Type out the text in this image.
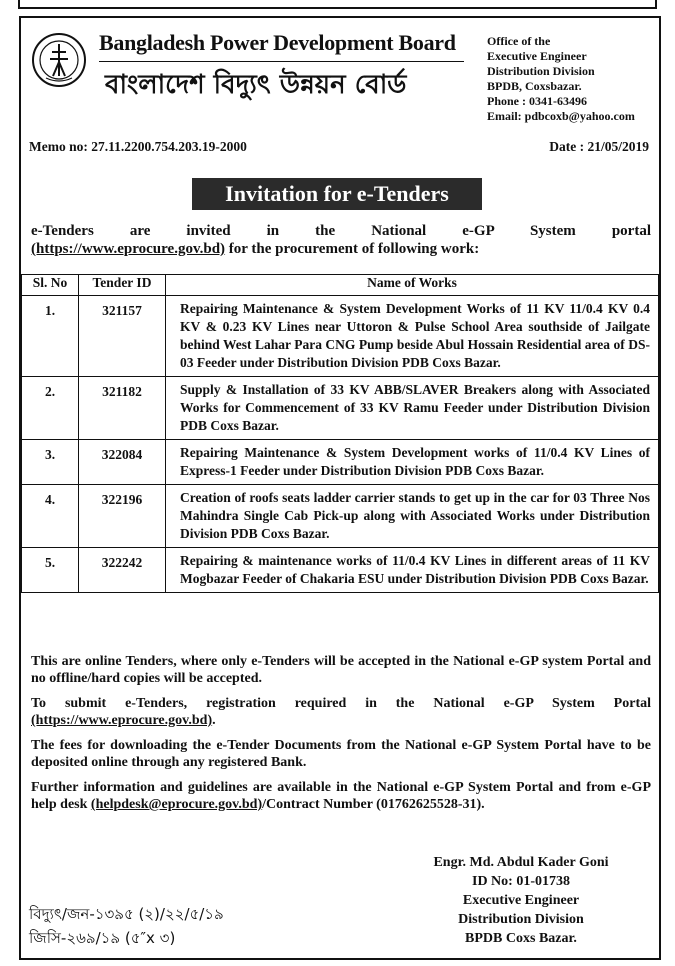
Bangladesh Power Development Board
বাংলাদেশ বিদ্যুৎ উন্নয়ন বোর্ড
Office of the
Executive Engineer
Distribution Division
BPDB, Coxsbazar.
Phone : 0341-63496
Email: pdbcoxb@yahoo.com
Memo no: 27.11.2200.754.203.19-2000	Date : 21/05/2019
Invitation for e-Tenders
e-Tenders are invited in the National e-GP System portal
(https://www.eprocure.gov.bd) for the procurement of following work:
Sl. No	Tender ID	Name of Works
1.	321157	Repairing Maintenance & System Development Works of 11 KV 11/0.4 KV 0.4 KV & 0.23 KV Lines near Uttoron & Pulse School Area southside of Jailgate behind West Lahar Para CNG Pump beside Abul Hossain Residential area of DS-03 Feeder under Distribution Division PDB Coxs Bazar.
2.	321182	Supply & Installation of 33 KV ABB/SLAVER Breakers along with Associated Works for Commencement of 33 KV Ramu Feeder under Distribution Division PDB Coxs Bazar.
3.	322084	Repairing Maintenance & System Development works of 11/0.4 KV Lines of Express-1 Feeder under Distribution Division PDB Coxs Bazar.
4.	322196	Creation of roofs seats ladder carrier stands to get up in the car for 03 Three Nos Mahindra Single Cab Pick-up along with Associated Works under Distribution Division PDB Coxs Bazar.
5.	322242	Repairing & maintenance works of 11/0.4 KV Lines in different areas of 11 KV Mogbazar Feeder of Chakaria ESU under Distribution Division PDB Coxs Bazar.

This are online Tenders, where only e-Tenders will be accepted in the National e-GP system Portal and no offline/hard copies will be accepted.

To submit e-Tenders, registration required in the National e-GP System Portal (https://www.eprocure.gov.bd).

The fees for downloading the e-Tender Documents from the National e-GP System Portal have to be deposited online through any registered Bank.

Further information and guidelines are available in the National e-GP System Portal and from e-GP help desk (helpdesk@eprocure.gov.bd)/Contract Number (01762625528-31).

Engr. Md. Abdul Kader Goni
ID No: 01-01738
Executive Engineer
Distribution Division
BPDB Coxs Bazar.
বিদ্যুৎ/জন-১৩৯৫ (২)/২২/৫/১৯
জিসি-২৬৯/১৯ (৫″x ৩)
